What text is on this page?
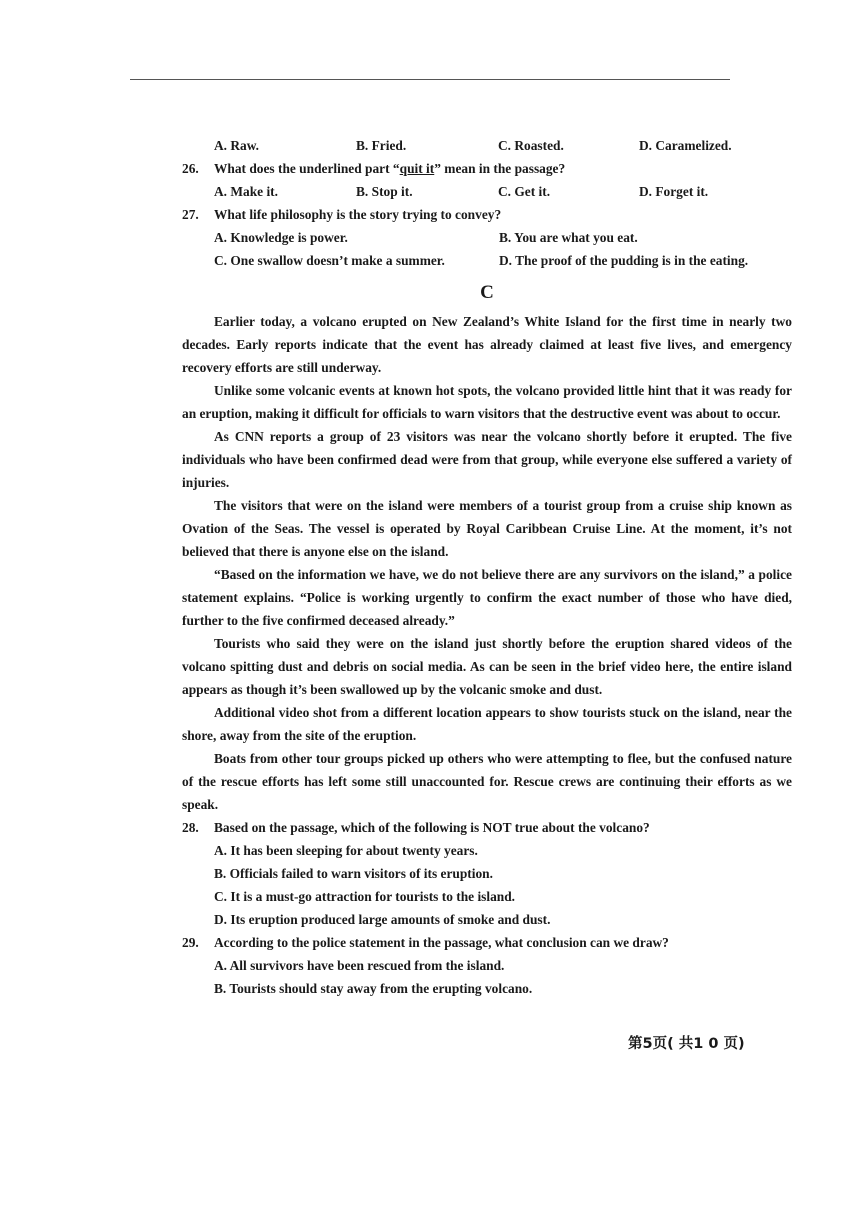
A. Raw.	B. Fried.	C. Roasted.	D. Caramelized.
26.	What does the underlined part “quit it” mean in the passage?
A. Make it.	B. Stop it.	C. Get it.	D. Forget it.
27.	What life philosophy is the story trying to convey?
A. Knowledge is power.	B. You are what you eat.
C. One swallow doesn’t make a summer.	D. The proof of the pudding is in the eating.
C

Earlier today, a volcano erupted on New Zealand’s White Island for the first time in nearly two decades. Early reports indicate that the event has already claimed at least five lives, and emergency recovery efforts are still underway.

Unlike some volcanic events at known hot spots, the volcano provided little hint that it was ready for an eruption, making it difficult for officials to warn visitors that the destructive event was about to occur.

As CNN reports a group of 23 visitors was near the volcano shortly before it erupted. The five individuals who have been confirmed dead were from that group, while everyone else suffered a variety of injuries.

The visitors that were on the island were members of a tourist group from a cruise ship known as Ovation of the Seas. The vessel is operated by Royal Caribbean Cruise Line. At the moment, it’s not believed that there is anyone else on the island.

“Based on the information we have, we do not believe there are any survivors on the island,” a police statement explains. “Police is working urgently to confirm the exact number of those who have died, further to the five confirmed deceased already.”

Tourists who said they were on the island just shortly before the eruption shared videos of the volcano spitting dust and debris on social media. As can be seen in the brief video here, the entire island appears as though it’s been swallowed up by the volcanic smoke and dust.

Additional video shot from a different location appears to show tourists stuck on the island, near the shore, away from the site of the eruption.

Boats from other tour groups picked up others who were attempting to flee, but the confused nature of the rescue efforts has left some still unaccounted for. Rescue crews are continuing their efforts as we speak.

28.	Based on the passage, which of the following is NOT true about the volcano?
A. It has been sleeping for about twenty years.
B. Officials failed to warn visitors of its eruption.
C. It is a must-go attraction for tourists to the island.
D. Its eruption produced large amounts of smoke and dust.
29.	According to the police statement in the passage, what conclusion can we draw?
A. All survivors have been rescued from the island.
B. Tourists should stay away from the erupting volcano.
第5页( 共1 0 页)
